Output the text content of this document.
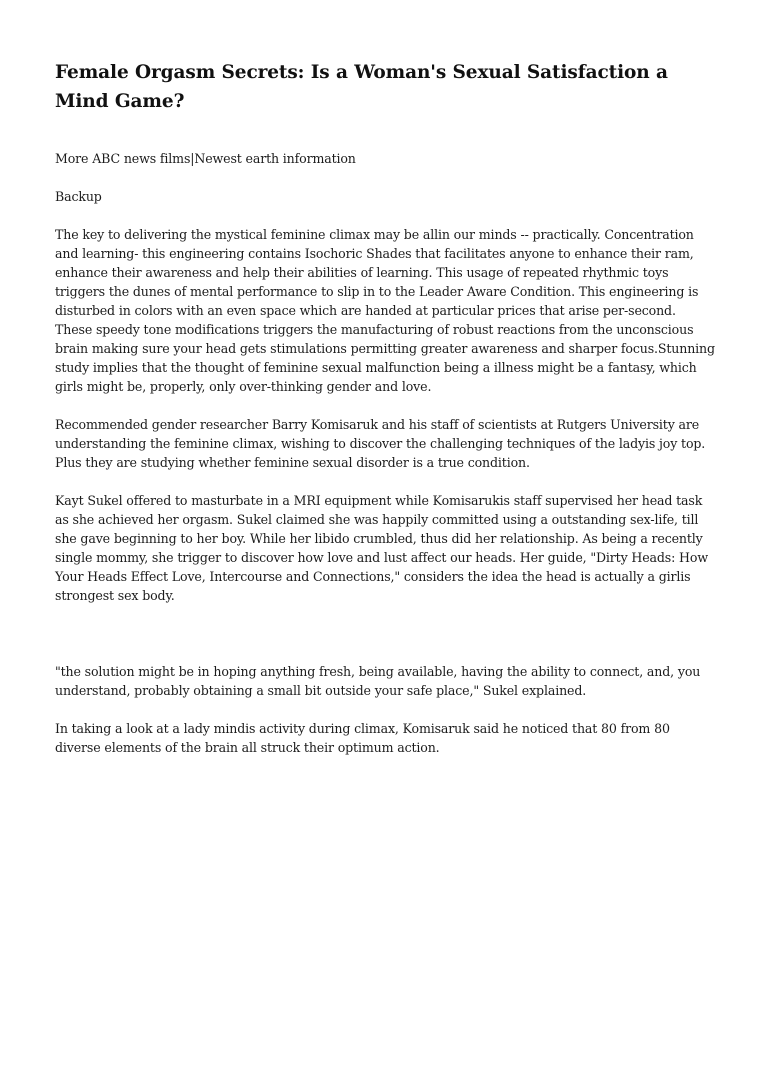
Female Orgasm Secrets: Is a Woman's Sexual Satisfaction a Mind Game?

More ABC news films|Newest earth information

Backup

The key to delivering the mystical feminine climax may be allin our minds -- practically. Concentration and learning- this engineering contains Isochoric Shades that facilitates anyone to enhance their ram, enhance their awareness and help their abilities of learning. This usage of repeated rhythmic toys triggers the dunes of mental performance to slip in to the Leader Aware Condition. This engineering is disturbed in colors with an even space which are handed at particular prices that arise per-second. These speedy tone modifications triggers the manufacturing of robust reactions from the unconscious brain making sure your head gets stimulations permitting greater awareness and sharper focus.Stunning study implies that the thought of feminine sexual malfunction being a illness might be a fantasy, which girls might be, properly, only over-thinking gender and love.

Recommended gender researcher Barry Komisaruk and his staff of scientists at Rutgers University are understanding the feminine climax, wishing to discover the challenging techniques of the ladyis joy top. Plus they are studying whether feminine sexual disorder is a true condition.

Kayt Sukel offered to masturbate in a MRI equipment while Komisarukis staff supervised her head task as she achieved her orgasm. Sukel claimed she was happily committed using a outstanding sex-life, till she gave beginning to her boy. While her libido crumbled, thus did her relationship. As being a recently single mommy, she trigger to discover how love and lust affect our heads. Her guide, "Dirty Heads: How Your Heads Effect Love, Intercourse and Connections," considers the idea the head is actually a girlis strongest sex body.

"the solution might be in hoping anything fresh, being available, having the ability to connect, and, you understand, probably obtaining a small bit outside your safe place," Sukel explained.

In taking a look at a lady mindis activity during climax, Komisaruk said he noticed that 80 from 80 diverse elements of the brain all struck their optimum action.
